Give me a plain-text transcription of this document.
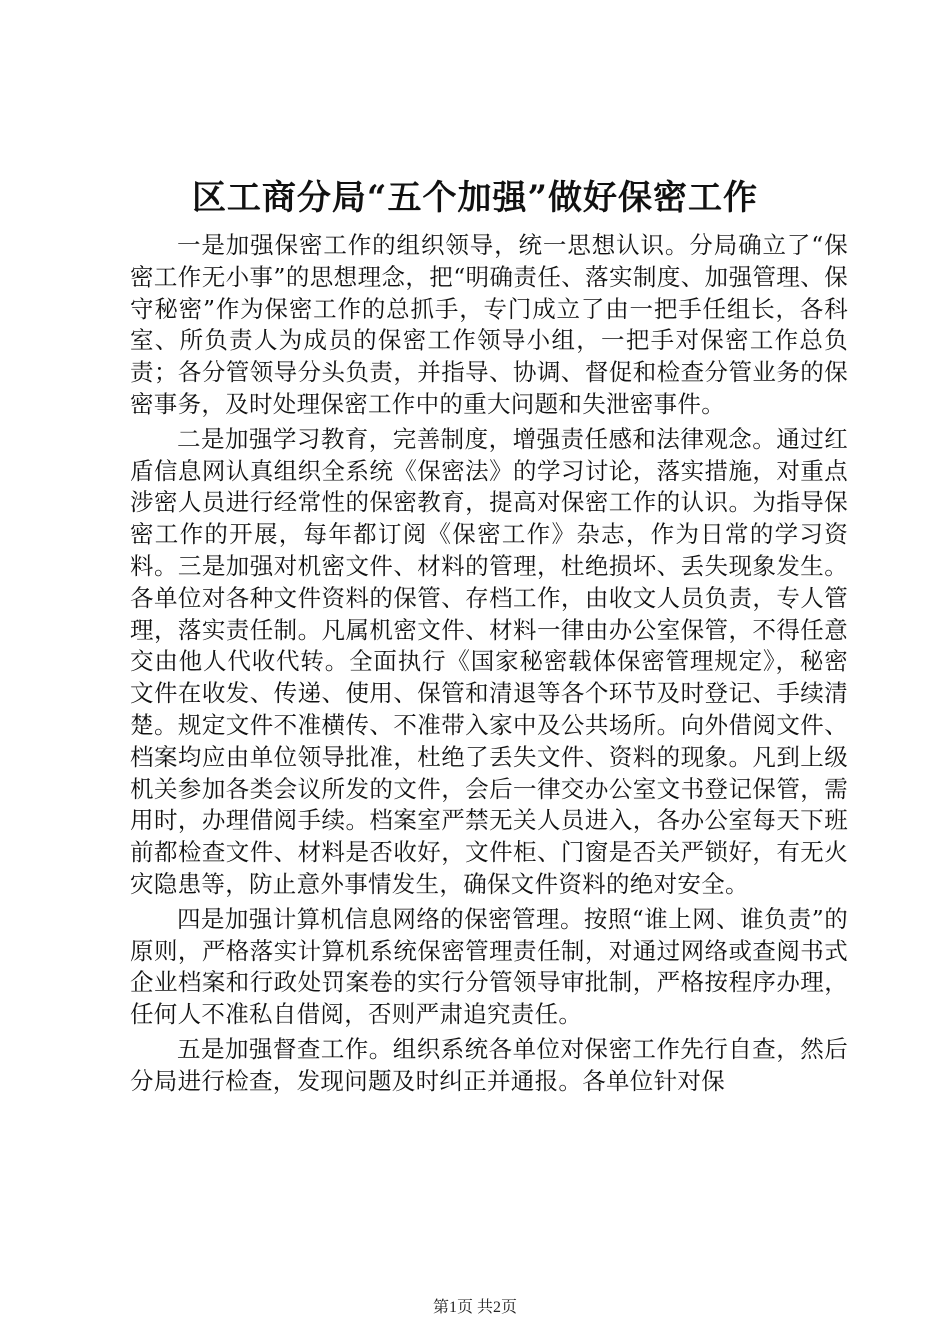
区工商分局“五个加强”做好保密工作

一是加强保密工作的组织领导，统一思想认识。分局确立了“保密工作无小事”的思想理念，把“明确责任、落实制度、加强管理、保守秘密”作为保密工作的总抓手，专门成立了由一把手任组长，各科室、所负责人为成员的保密工作领导小组，一把手对保密工作总负责；各分管领导分头负责，并指导、协调、督促和检查分管业务的保密事务，及时处理保密工作中的重大问题和失泄密事件。

二是加强学习教育，完善制度，增强责任感和法律观念。通过红盾信息网认真组织全系统《保密法》的学习讨论，落实措施，对重点涉密人员进行经常性的保密教育，提高对保密工作的认识。为指导保密工作的开展，每年都订阅《保密工作》杂志，作为日常的学习资料。三是加强对机密文件、材料的管理，杜绝损坏、丢失现象发生。各单位对各种文件资料的保管、存档工作，由收文人员负责，专人管理，落实责任制。凡属机密文件、材料一律由办公室保管，不得任意交由他人代收代转。全面执行《国家秘密载体保密管理规定》，秘密文件在收发、传递、使用、保管和清退等各个环节及时登记、手续清楚。规定文件不准横传、不准带入家中及公共场所。向外借阅文件、档案均应由单位领导批准，杜绝了丢失文件、资料的现象。凡到上级机关参加各类会议所发的文件，会后一律交办公室文书登记保管，需用时，办理借阅手续。档案室严禁无关人员进入，各办公室每天下班前都检查文件、材料是否收好，文件柜、门窗是否关严锁好，有无火灾隐患等，防止意外事情发生，确保文件资料的绝对安全。

四是加强计算机信息网络的保密管理。按照“谁上网、谁负责”的原则，严格落实计算机系统保密管理责任制，对通过网络或查阅书式企业档案和行政处罚案卷的实行分管领导审批制，严格按程序办理，任何人不准私自借阅，否则严肃追究责任。

五是加强督查工作。组织系统各单位对保密工作先行自查，然后分局进行检查，发现问题及时纠正并通报。各单位针对保

第1页 共2页
